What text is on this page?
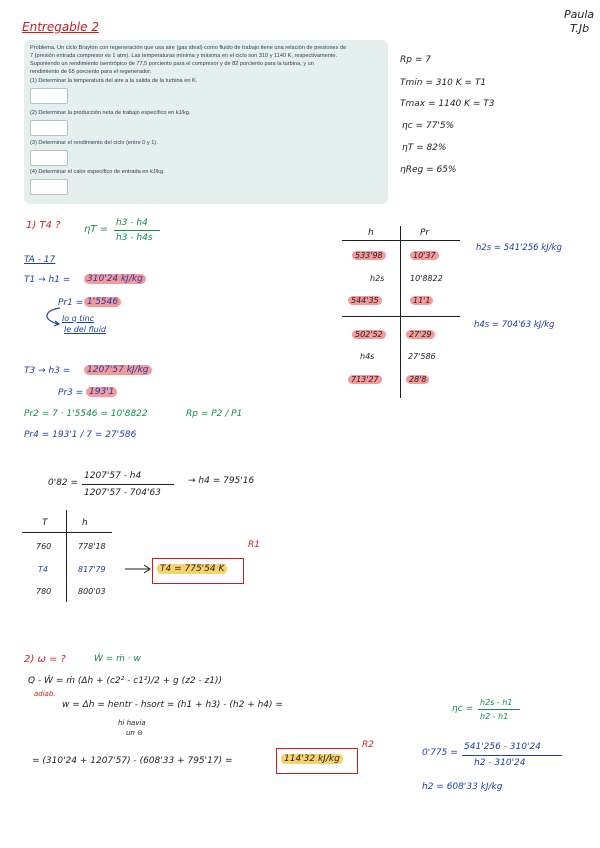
Entregable 2
Paula
T.Jb
Problema. Un ciclo Brayton con regeneración que usa aire (gas ideal) como fluido de trabajo tiene una relación de presiones de
7 (presión entrada compresor es 1 atm). Las temperaturas mínima y máxima en el ciclo son 310 y 1140 K, respectivamente.
Suponiendo un rendimiento isentrópico de 77,5 porciento para el compresor y de 82 porciento para la turbina, y un
rendimiento de 65 porciento para el regenerador:
(1) Determinar la temperatura del aire a la salida de la turbina en K.
(2) Determinar la producción neta de trabajo específico en kJ/kg.
(3) Determinar el rendimiento del ciclo (entre 0 y 1).
(4) Determinar el calor específico de entrada en kJ/kg.
Rp = 7
Tmin = 310 K = T1
Tmax = 1140 K = T3
ηc = 77'5%
ηT = 82%
ηReg = 65%
1) T4 ? ηT =
h3 - h4
h3 - h4s
TA - 17
T1 → h1 =	310'24 kJ/kg
Pr1 = 1'5546
lo q tinc
le del fluid
T3 → h3 =	1207'57 kJ/kg
Pr3 = 193'1
Pr2 = 7 · 1'5546 = 10'8822	Rp = P2 / P1
Pr4 = 193'1 / 7 = 27'586
0'82 =
1207'57 - h4
1207'57 - 704'63
→ h4 = 795'16
T	h
760	778'18
T4	817'79
780	800'03
T4 = 775'54 K
R1
h	Pr
533'98	10'37
h2s	10'8822
544'35	11'1
502'52	27'29
h4s	27'586
713'27	28'8
h2s = 541'256 kJ/kg
h4s = 704'63 kJ/kg
2) ω = ?	Ẇ = ṁ · w
Q - Ẇ = ṁ (Δh + (c2² - c1²)/2 + g (z2 - z1))
adiab.
w = Δh = hentr - hsort = (h1 + h3) - (h2 + h4) =
hi havia
un ⊖
= (310'24 + 1207'57) - (608'33 + 795'17) =	114'32 kJ/kg
R2
ηc =
h2s - h1
h2 - h1
0'775 =
541'256 - 310'24
h2 - 310'24
h2 = 608'33 kJ/kg
